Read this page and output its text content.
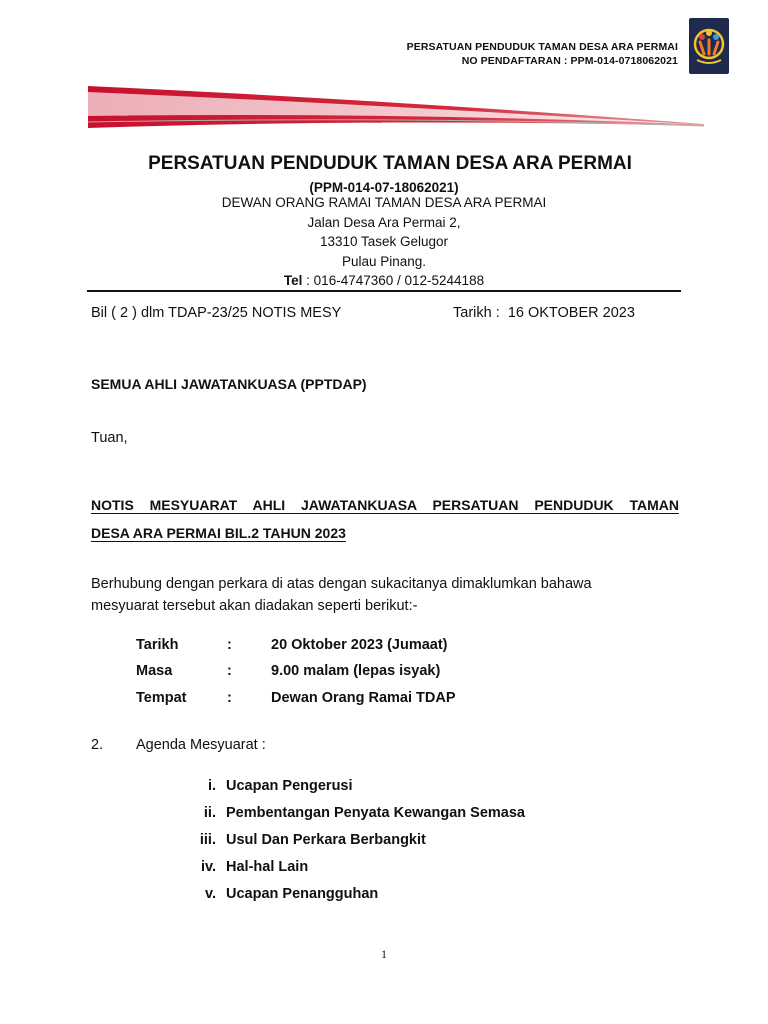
PERSATUAN PENDUDUK TAMAN DESA ARA PERMAI
NO PENDAFTARAN : PPM-014-0718062021
PERSATUAN PENDUDUK TAMAN DESA ARA PERMAI
(PPM-014-07-18062021)
DEWAN ORANG RAMAI TAMAN DESA ARA PERMAI
Jalan Desa Ara Permai 2,
13310 Tasek Gelugor
Pulau Pinang.
Tel : 016-4747360 / 012-5244188
Bil ( 2 ) dlm TDAP-23/25 NOTIS MESY	Tarikh : 16 OKTOBER 2023
SEMUA AHLI JAWATANKUASA (PPTDAP)
Tuan,
NOTIS MESYUARAT AHLI JAWATANKUASA PERSATUAN PENDUDUK TAMAN
DESA ARA PERMAI BIL.2 TAHUN 2023
Berhubung dengan perkara di atas dengan sukacitanya dimaklumkan bahawa
mesyuarat tersebut akan diadakan seperti berikut:-
Tarikh	:	20 Oktober 2023 (Jumaat)
Masa	:	9.00 malam (lepas isyak)
Tempat	:	Dewan Orang Ramai TDAP
2. Agenda Mesyuarat :
i. Ucapan Pengerusi
ii. Pembentangan Penyata Kewangan Semasa
iii. Usul Dan Perkara Berbangkit
iv. Hal-hal Lain
v. Ucapan Penangguhan
1
